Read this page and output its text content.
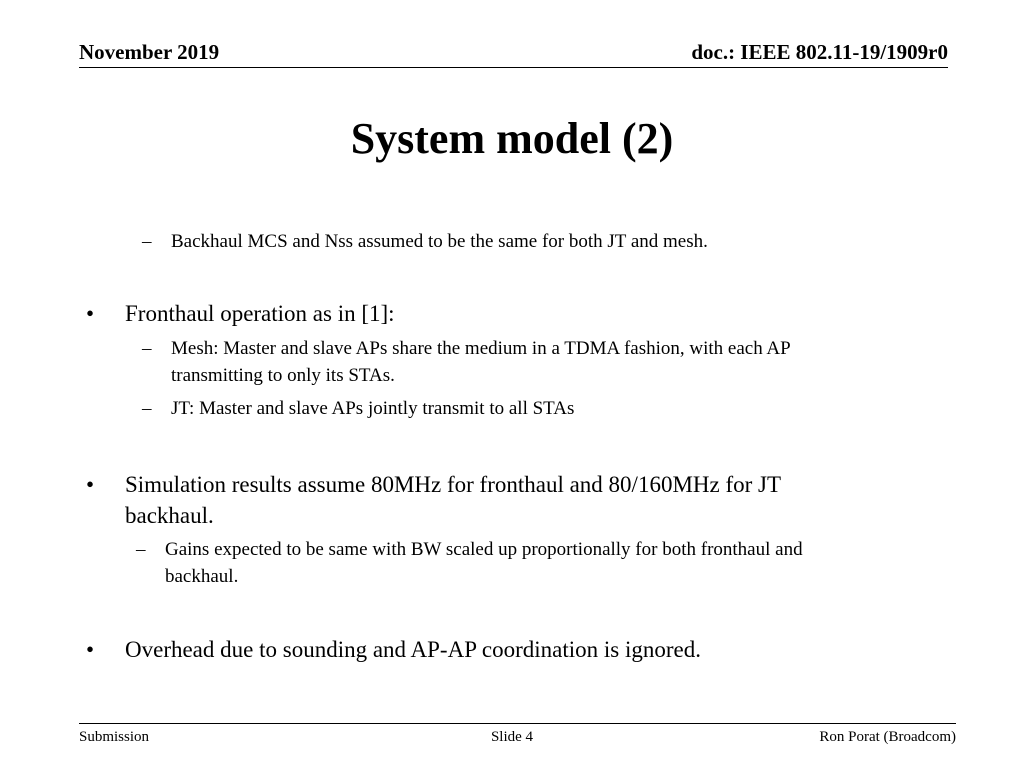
November 2019	doc.: IEEE 802.11-19/1909r0
System model (2)
– Backhaul MCS and Nss assumed to be the same for both JT and mesh.
• Fronthaul operation as in [1]:
– Mesh: Master and slave APs share the medium in a TDMA fashion, with each AP
transmitting to only its STAs.
– JT: Master and slave APs jointly transmit to all STAs
• Simulation results assume 80MHz for fronthaul and 80/160MHz for JT
backhaul.
– Gains expected to be same with BW scaled up proportionally for both fronthaul and
backhaul.
• Overhead due to sounding and AP-AP coordination is ignored.
Submission	Slide 4	Ron Porat (Broadcom)
